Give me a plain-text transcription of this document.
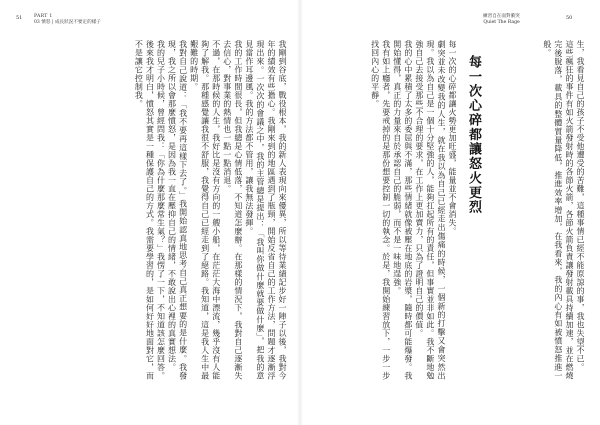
51	PART 1
03 憤怒 | 成長狀況不要定的樣子

我剛到谷底，戰役根本，我的新人表現向來優異，所以等待業績記步好一陣子以後，我對今年的績效有些擔心。我剛來到的地區遇到了瓶頸，開始反省自己的工作方法，問題才逐漸浮現出來。一次次的會議之中，我的主管總是提出：「我叫你做什麼就要做什麼」，把我的意見當作耳邊風。我的方法都不管用，讓我無法發揮。

我的工作時間很長，但我總是心情低落，不知道怎麼辦。在那樣的情況下，我對自己逐漸失去信心，對事業的熱情也一點一點消退。

不過，在那時候的人生，我好比是沒有方向的一艘小船，在茫茫大海中漂流，幾乎沒有人能夠了解我。那種感覺讓我很不舒服，我覺得自己已經走到了絕路。我知道，這是我人生中最艱難的時期。

我對自己說道：「我不要再這樣下去了。」我開始認真地思考自己真正想要的是什麼。我發現，我之所以會那麼憤怒，是因為我一直在壓抑自己的情緒，不敢說出心裡的真實想法。

我的兒子小時候，曾經問我：「你為什麼那麼常生氣？」我愣了一下，不知道該怎麼回答。後來我才明白，憤怒其實是一種保護自己的方式。我需要學習的，是如何好好地面對它，而不是讓它控制我。

練習自在面對衝突
Quiet The Rage
50

生，我看見自己的孩子不受他遭受的苦難，這種事情已經不能原諒的事，我也失望不已。

這些瘋狂的事件有如火箭發射時的各節火箭，各節火箭負責讓發射載具持續加速，並在燃燒完後脫落，載具的整體質量降低，推進效率增加，在我看來，我的內心有如被憤怒推進一般。

每一次心碎都讓怒火更烈

每一次的心碎都讓火勢更加旺盛，能量並不會消失。

劇突並未改變我的人生，就在我以為自己已經走出傷痛的時候，一個新的打擊又會突然出現。我以為自己是一個十分堅強的人，能夠扛起所有的責任，但事實並非如此。我不斷地勉強自己去接受那些不合理的要求，在工作上更加賣力，只為了證明自己的價值。

我的心中累積了太多的委屈與不滿，那些情緒就像被壓在地底的岩漿，隨時都可能爆發。我開始懂得，真正的力量來自於承認自己的脆弱，而不是一味地逞強。

我有如上癮者，先要戒掉的是那份想要控制一切的執念。於是，我開始練習放下，一步一步找回內心的平靜。
